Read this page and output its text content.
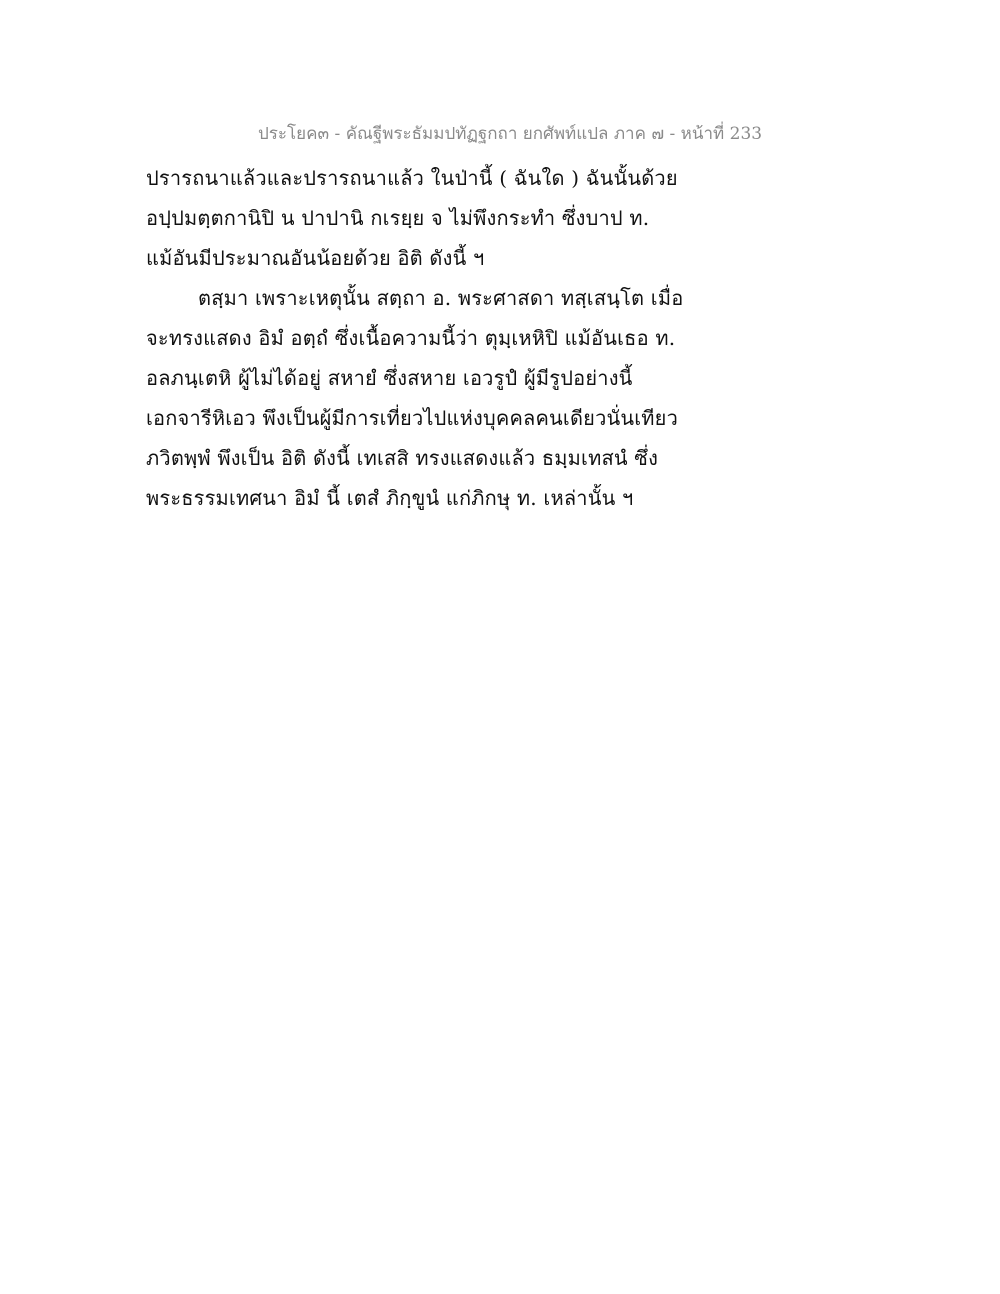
ประโยค๓ - คัณฐีพระธัมมปทัฏฐกถา ยกศัพท์แปล ภาค ๗ - หน้าที่ 233
ปรารถนาแล้วและปรารถนาแล้ว ในป่านี้ ( ฉันใด ) ฉันนั้นด้วย
อปฺปมตฺตกานิปิ น ปาปานิ กเรยฺย จ ไม่พึงกระทำ ซึ่งบาป ท.
แม้อันมีประมาณอันน้อยด้วย อิติ ดังนี้ ฯ
ตสฺมา เพราะเหตุนั้น สตฺถา อ. พระศาสดา ทสฺเสนฺโต เมื่อ
จะทรงแสดง อิมํ อตฺถํ ซึ่งเนื้อความนี้ว่า ตุมฺเหหิปิ แม้อันเธอ ท.
อลภนฺเตหิ ผู้ไม่ได้อยู่ สหายํ ซึ่งสหาย เอวรูปํ ผู้มีรูปอย่างนี้
เอกจารีหิเอว พึงเป็นผู้มีการเที่ยวไปแห่งบุคคลคนเดียวนั่นเทียว
ภวิตพฺพํ พึงเป็น อิติ ดังนี้ เทเสสิ ทรงแสดงแล้ว ธมฺมเทสนํ ซึ่ง
พระธรรมเทศนา อิมํ นี้ เตสํ ภิกฺขูนํ แก่ภิกษุ ท. เหล่านั้น ฯ
